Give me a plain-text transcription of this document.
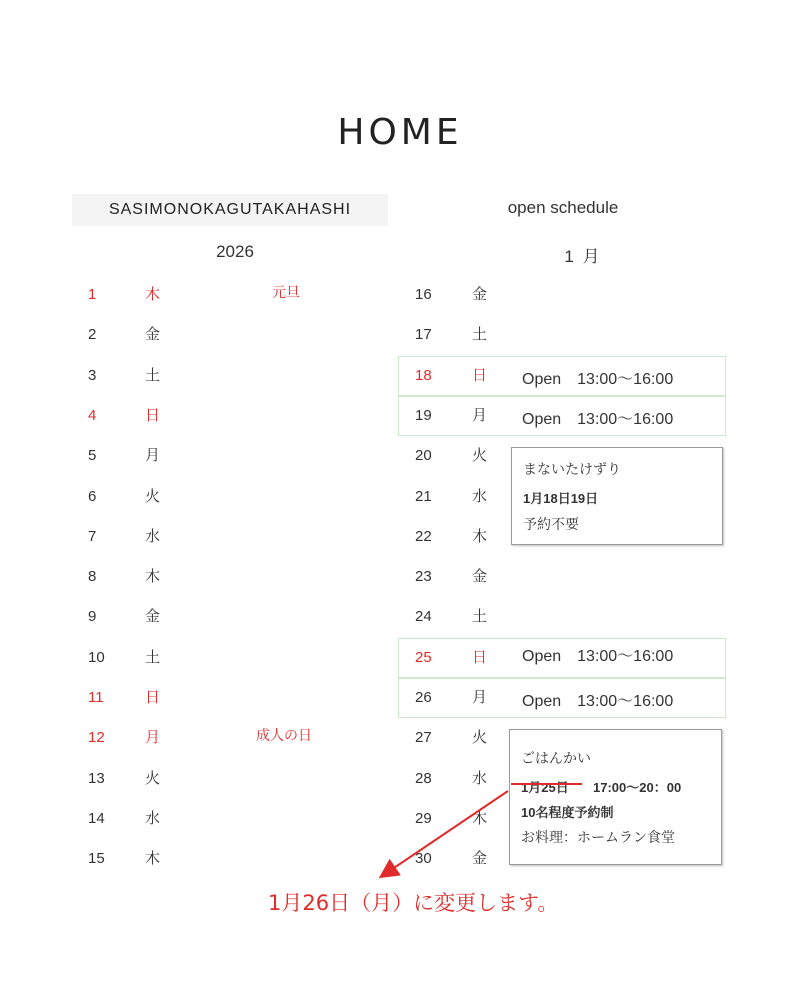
HOME
SASIMONOKAGUTAKAHASHI	open schedule
2026	1 月
1	木	元旦
2	金
3	土
4	日
5	月
6	火
7	水
8	木
9	金
10	土
11	日
12	月	成人の日
13	火
14	水
15	木
16	金
17	土
18	日 Open　13:00〜16:00
19	月 Open　13:00〜16:00
20	火
21	水
22	木
23	金
24	土
25	日 Open　13:00〜16:00
26	月 Open　13:00〜16:00
27	火
28	水
29	木
30	金
まないたけずり
1月18日19日
予約不要
ごはんかい
1月25日 17:00〜20：00
10名程度予約制
お料理：ホームラン食堂
1月26日（月）に変更します。
